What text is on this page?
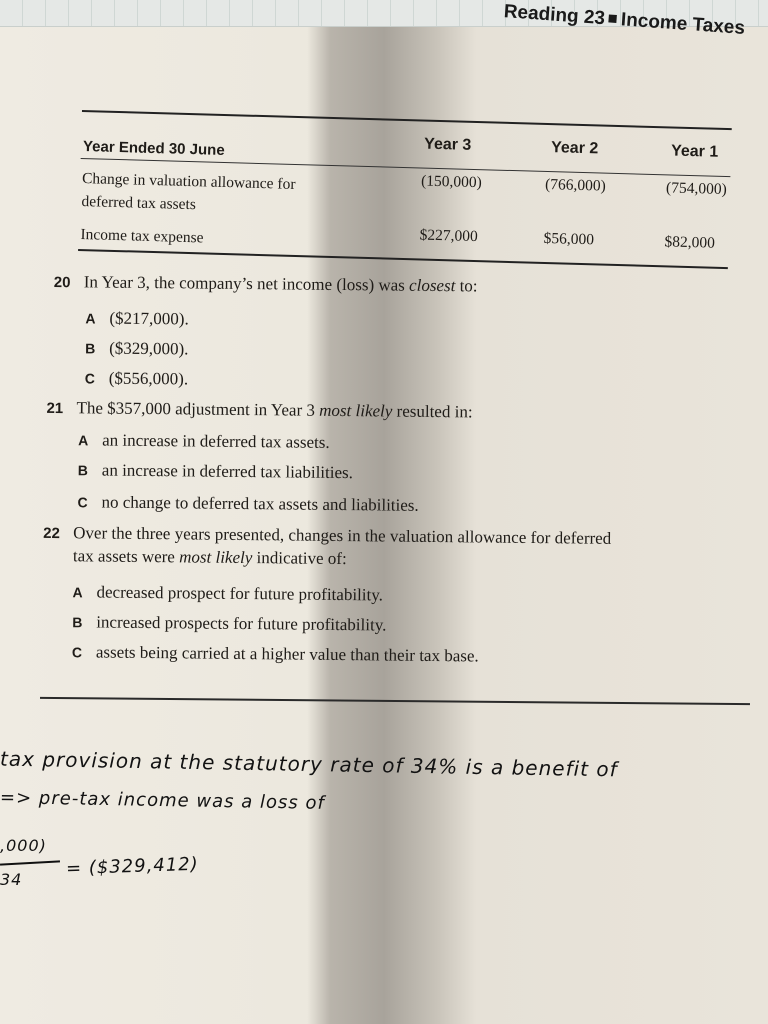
Reading 23 Income Taxes
Year Ended 30 June	Year 3	Year 2	Year 1
Change in valuation allowance for
deferred tax assets
(150,000)	(766,000)	(754,000)
Income tax expense	$227,000	$56,000	$82,000
20 In Year 3, the company’s net income (loss) was closest to:
A ($217,000).
B ($329,000).
C ($556,000).
21 The $357,000 adjustment in Year 3 most likely resulted in:
A an increase in deferred tax assets.
B an increase in deferred tax liabilities.
C no change to deferred tax assets and liabilities.
22 Over the three years presented, changes in the valuation allowance for deferred
tax assets were most likely indicative of:
A decreased prospect for future profitability.
B increased prospects for future profitability.
C assets being carried at a higher value than their tax base.
tax provision at the statutory rate of 34% is a benefit of
=> pre-tax income was a loss of
,000)
= ($329,412)
34
